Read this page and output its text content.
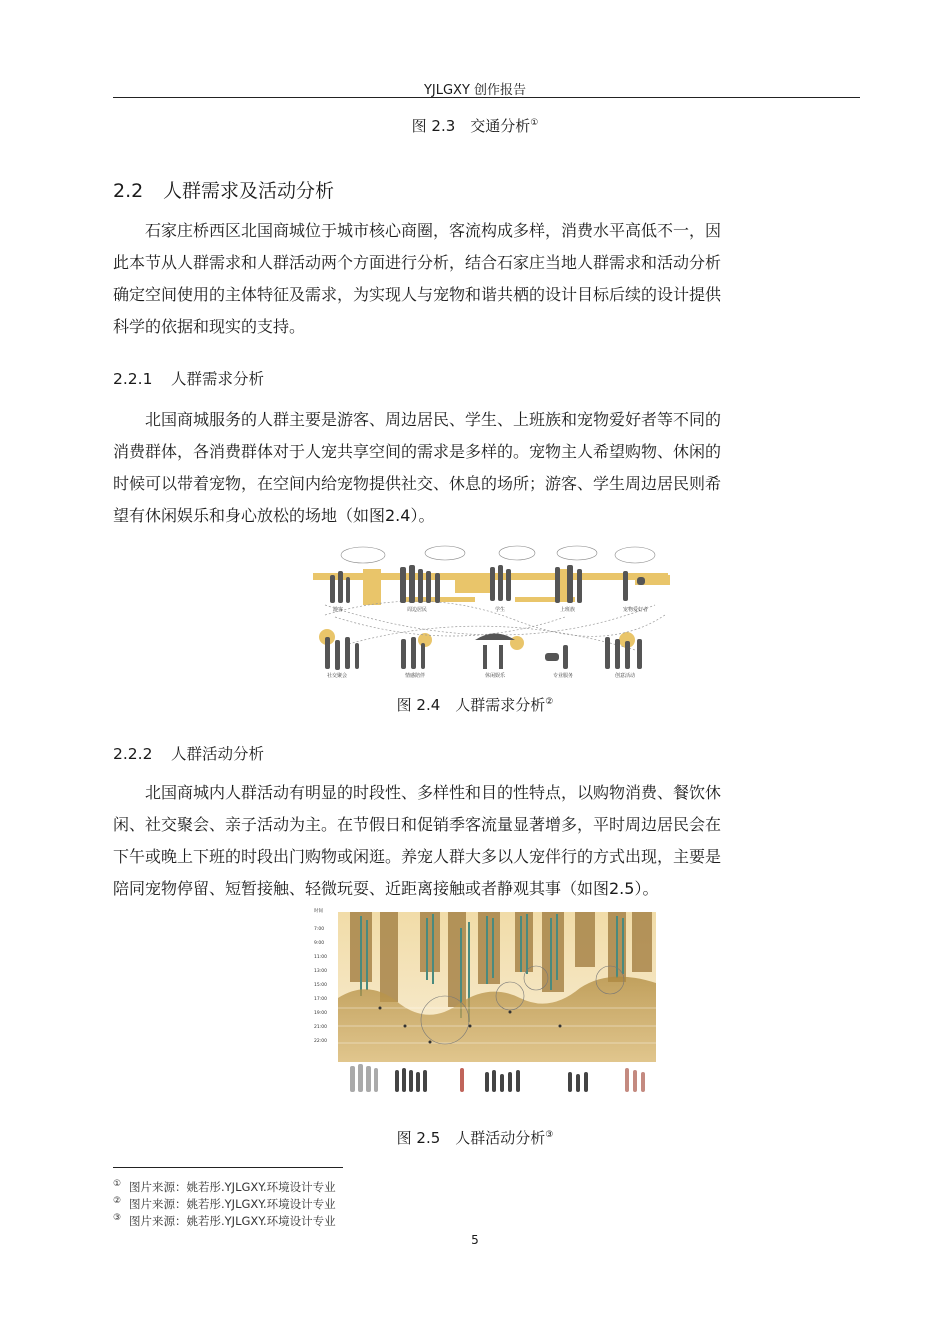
YJLGXY 创作报告
图 2.3　交通分析①
2.2 人群需求及活动分析
石家庄桥西区北国商城位于城市核心商圈，客流构成多样，消费水平高低不一，因
此本节从人群需求和人群活动两个方面进行分析，结合石家庄当地人群需求和活动分析
确定空间使用的主体特征及需求，为实现人与宠物和谐共栖的设计目标后续的设计提供
科学的依据和现实的支持。
2.2.1 人群需求分析
北国商城服务的人群主要是游客、周边居民、学生、上班族和宠物爱好者等不同的
消费群体，各消费群体对于人宠共享空间的需求是多样的。宠物主人希望购物、休闲的
时候可以带着宠物，在空间内给宠物提供社交、休息的场所；游客、学生周边居民则希
望有休闲娱乐和身心放松的场地（如图2.4）。
游客	周边居民	学生	上班族	宠物爱好者
社交聚会	情感陪伴	休闲娱乐	专业服务	创意活动
图 2.4　人群需求分析②
2.2.2 人群活动分析
北国商城内人群活动有明显的时段性、多样性和目的性特点，以购物消费、餐饮休
闲、社交聚会、亲子活动为主。在节假日和促销季客流量显著增多，平时周边居民会在
下午或晚上下班的时段出门购物或闲逛。养宠人群大多以人宠伴行的方式出现，主要是
陪同宠物停留、短暂接触、轻微玩耍、近距离接触或者静观其事（如图2.5）。
时间
7:00
9:00
11:00
13:00
15:00
17:00
19:00
21:00
22:00
图 2.5　人群活动分析③
① 图片来源：姚若彤.YJLGXY.环境设计专业
② 图片来源：姚若彤.YJLGXY.环境设计专业
③ 图片来源：姚若彤.YJLGXY.环境设计专业
5
